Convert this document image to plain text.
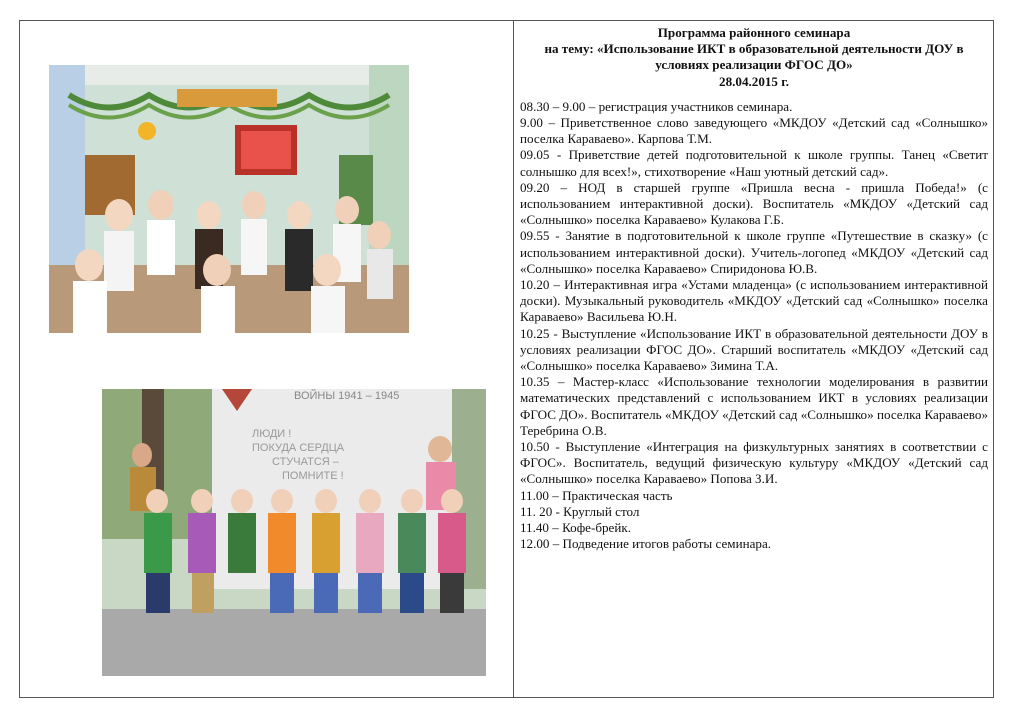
ВОЙНЫ 1941 – 1945
ЛЮДИ !
ПОКУДА СЕРДЦА
СТУЧАТСЯ –
ПОМНИТЕ !
Программа районного семинара
на тему: «Использование ИКТ в образовательной деятельности ДОУ в условиях реализации ФГОС ДО»
28.04.2015 г.
08.30 – 9.00 – регистрация участников семинара.
9.00 – Приветственное слово заведующего «МКДОУ «Детский сад «Солнышко» поселка Караваево». Карпова Т.М.
09.05 - Приветствие детей подготовительной к школе группы. Танец «Светит солнышко для всех!», стихотворение «Наш уютный детский сад».
09.20 – НОД в старшей группе «Пришла весна - пришла Победа!» (с использованием интерактивной доски). Воспитатель «МКДОУ «Детский сад «Солнышко» поселка Караваево» Кулакова Г.Б.
09.55 - Занятие в подготовительной к школе группе «Путешествие в сказку» (с использованием интерактивной доски). Учитель-логопед «МКДОУ «Детский сад «Солнышко» поселка Караваево» Спиридонова Ю.В.
10.20 – Интерактивная игра «Устами младенца» (с использованием интерактивной доски). Музыкальный руководитель «МКДОУ «Детский сад «Солнышко» поселка Караваево» Васильева Ю.Н.
10.25 - Выступление «Использование ИКТ в образовательной деятельности ДОУ в условиях реализации ФГОС ДО». Старший воспитатель «МКДОУ «Детский сад «Солнышко» поселка Караваево» Зимина Т.А.
10.35 – Мастер-класс «Использование технологии моделирования в развитии математических представлений с использованием ИКТ в условиях реализации ФГОС ДО». Воспитатель «МКДОУ «Детский сад «Солнышко» поселка Караваево» Теребрина О.В.
10.50 - Выступление «Интеграция на физкультурных занятиях в соответствии с ФГОС». Воспитатель, ведущий физическую культуру «МКДОУ «Детский сад «Солнышко» поселка Караваево» Попова З.И.
11.00 – Практическая часть
11. 20 - Круглый стол
11.40 – Кофе-брейк.
12.00 – Подведение итогов работы семинара.
